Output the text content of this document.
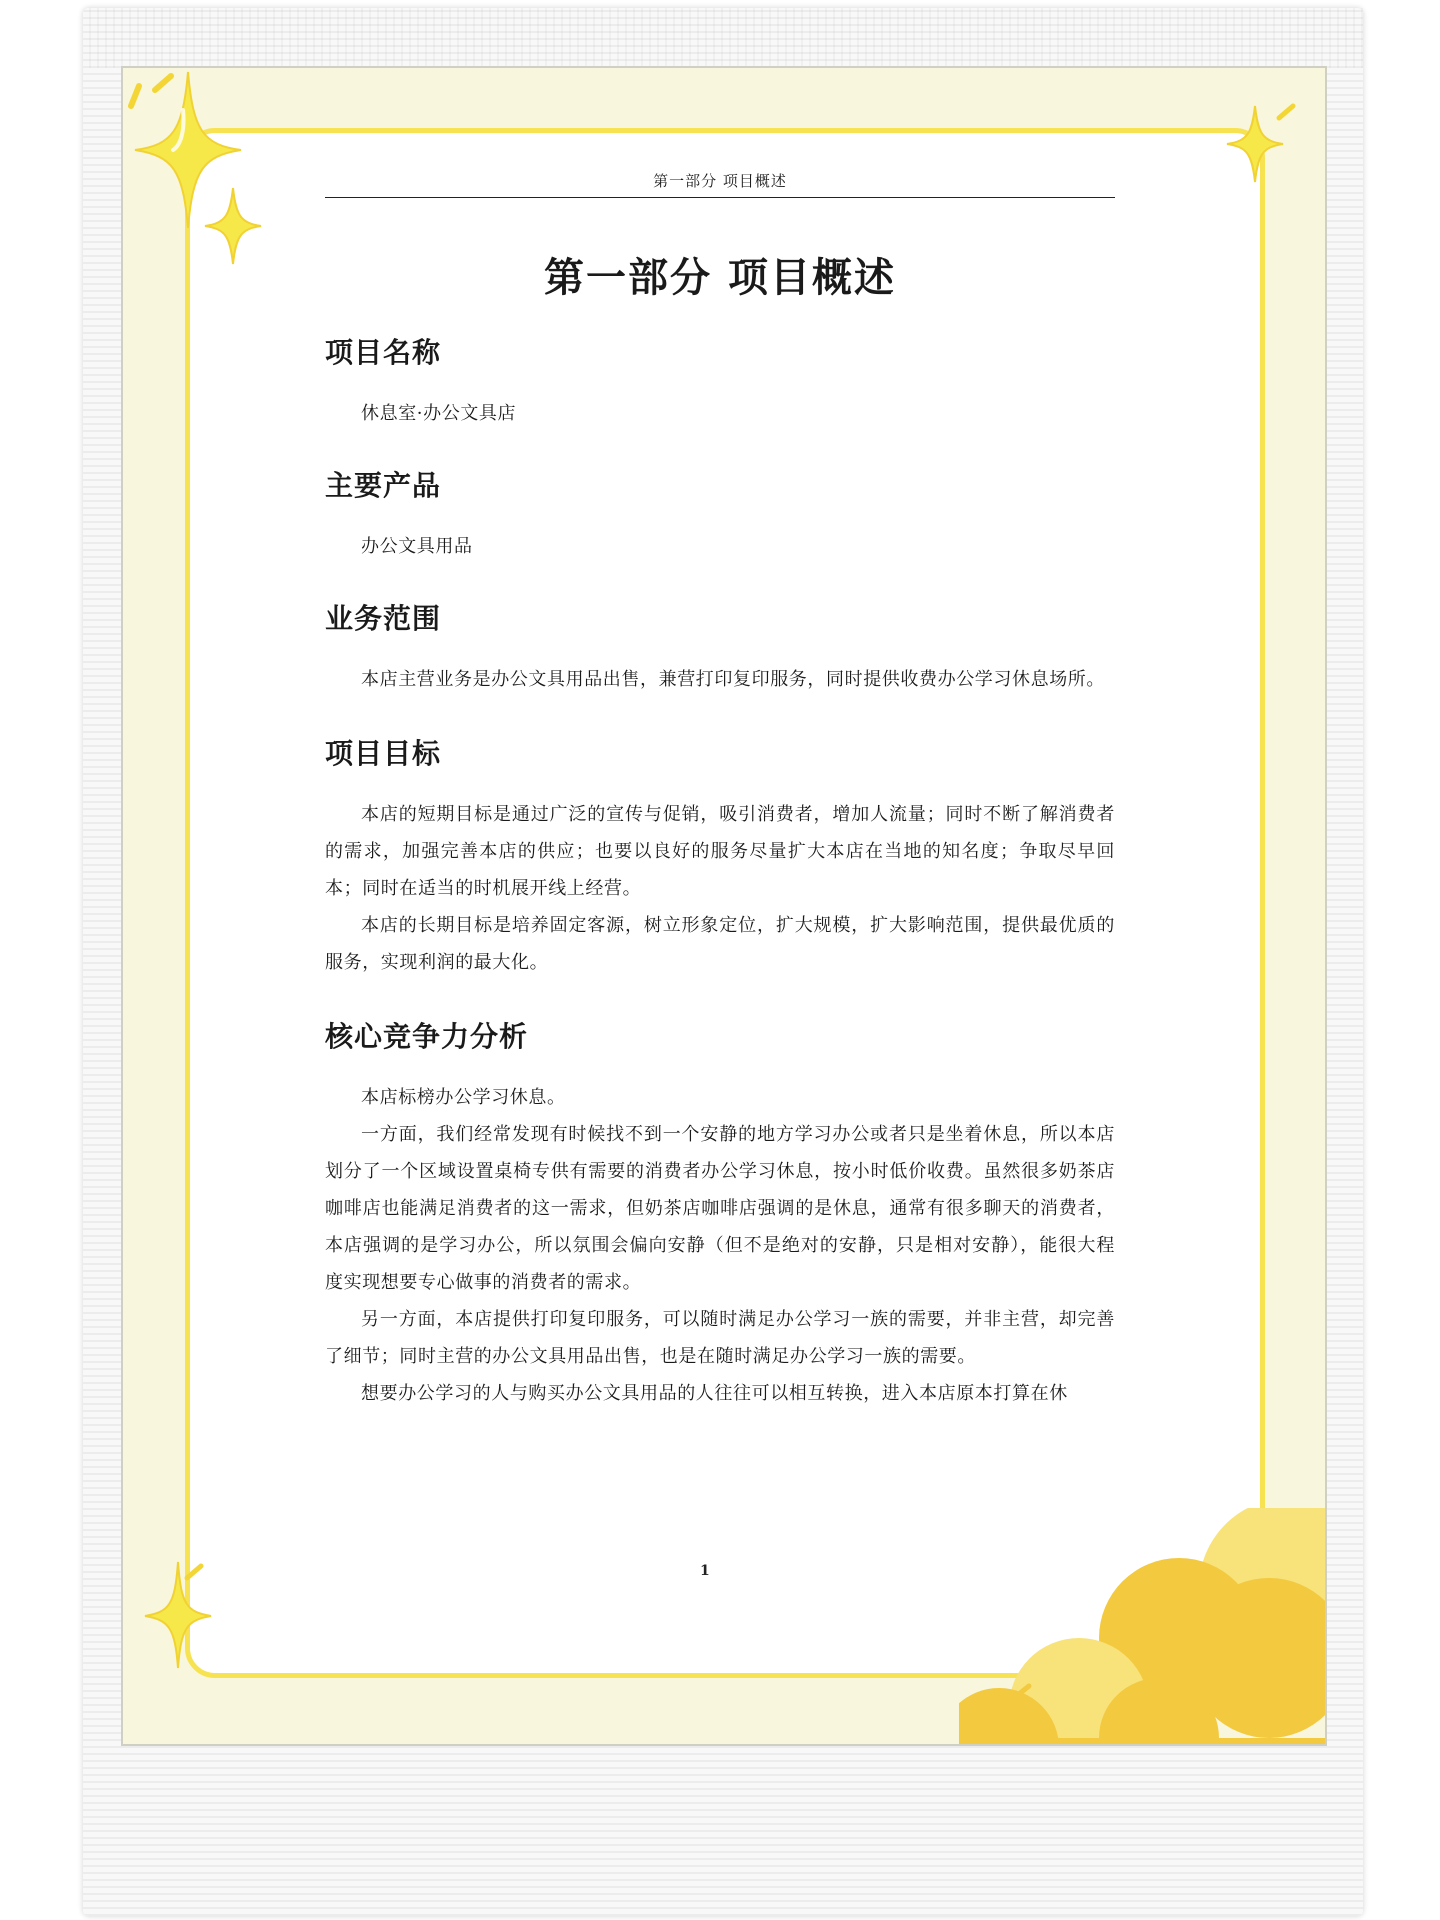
第一部分 项目概述
第一部分 项目概述
项目名称

休息室·办公文具店

主要产品

办公文具用品

业务范围

本店主营业务是办公文具用品出售，兼营打印复印服务，同时提供收费办公学习休息场所。

项目目标

本店的短期目标是通过广泛的宣传与促销，吸引消费者，增加人流量；同时不断了解消费者的需求，加强完善本店的供应；也要以良好的服务尽量扩大本店在当地的知名度；争取尽早回本；同时在适当的时机展开线上经营。

本店的长期目标是培养固定客源，树立形象定位，扩大规模，扩大影响范围，提供最优质的服务，实现利润的最大化。

核心竞争力分析

本店标榜办公学习休息。

一方面，我们经常发现有时候找不到一个安静的地方学习办公或者只是坐着休息，所以本店划分了一个区域设置桌椅专供有需要的消费者办公学习休息，按小时低价收费。虽然很多奶茶店咖啡店也能满足消费者的这一需求，但奶茶店咖啡店强调的是休息，通常有很多聊天的消费者，本店强调的是学习办公，所以氛围会偏向安静（但不是绝对的安静，只是相对安静），能很大程度实现想要专心做事的消费者的需求。

另一方面，本店提供打印复印服务，可以随时满足办公学习一族的需要，并非主营，却完善了细节；同时主营的办公文具用品出售，也是在随时满足办公学习一族的需要。

想要办公学习的人与购买办公文具用品的人往往可以相互转换，进入本店原本打算在休

1
